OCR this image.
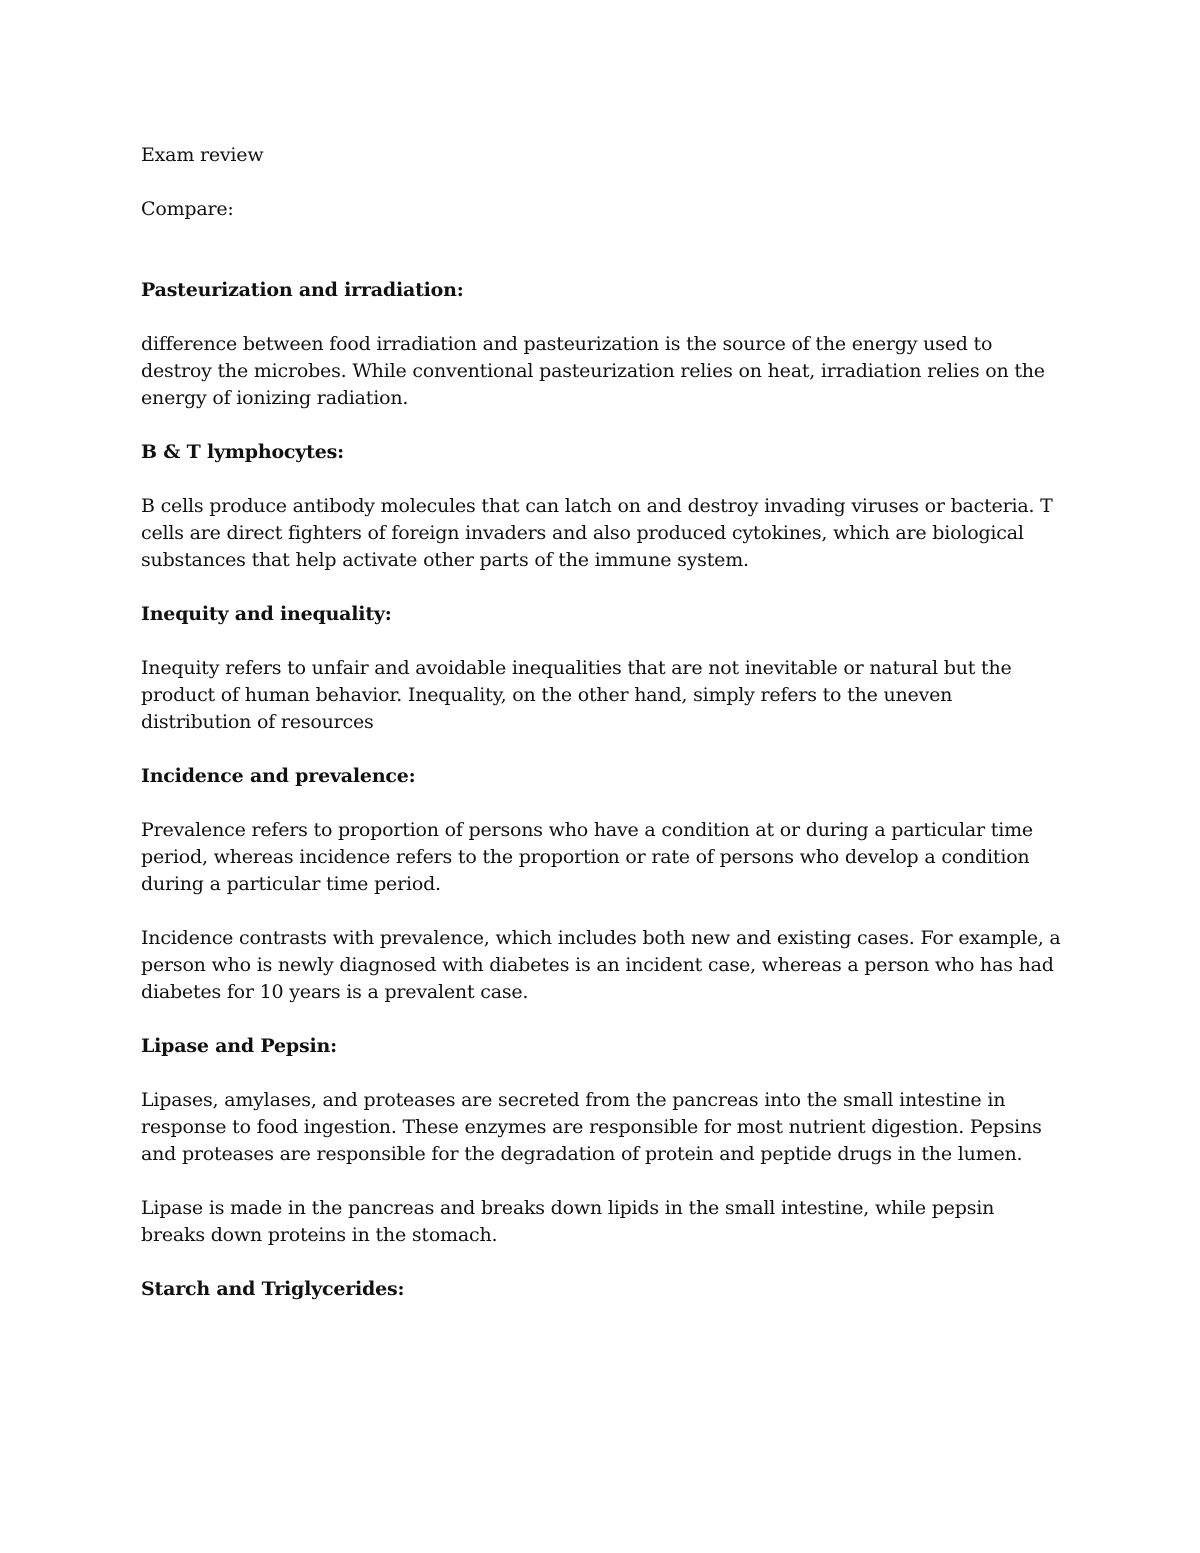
Exam review

Compare:

Pasteurization and irradiation:

difference between food irradiation and pasteurization is the source of the energy used to destroy the microbes. While conventional pasteurization relies on heat, irradiation relies on the energy of ionizing radiation.

B & T lymphocytes:

B cells produce antibody molecules that can latch on and destroy invading viruses or bacteria. T cells are direct fighters of foreign invaders and also produced cytokines, which are biological substances that help activate other parts of the immune system.

Inequity and inequality:

Inequity refers to unfair and avoidable inequalities that are not inevitable or natural but the product of human behavior. Inequality, on the other hand, simply refers to the uneven distribution of resources

Incidence and prevalence:

Prevalence refers to proportion of persons who have a condition at or during a particular time period, whereas incidence refers to the proportion or rate of persons who develop a condition during a particular time period.

Incidence contrasts with prevalence, which includes both new and existing cases. For example, a person who is newly diagnosed with diabetes is an incident case, whereas a person who has had diabetes for 10 years is a prevalent case.

Lipase and Pepsin:

Lipases, amylases, and proteases are secreted from the pancreas into the small intestine in response to food ingestion. These enzymes are responsible for most nutrient digestion. Pepsins and proteases are responsible for the degradation of protein and peptide drugs in the lumen.

Lipase is made in the pancreas and breaks down lipids in the small intestine, while pepsin breaks down proteins in the stomach.

Starch and Triglycerides:
